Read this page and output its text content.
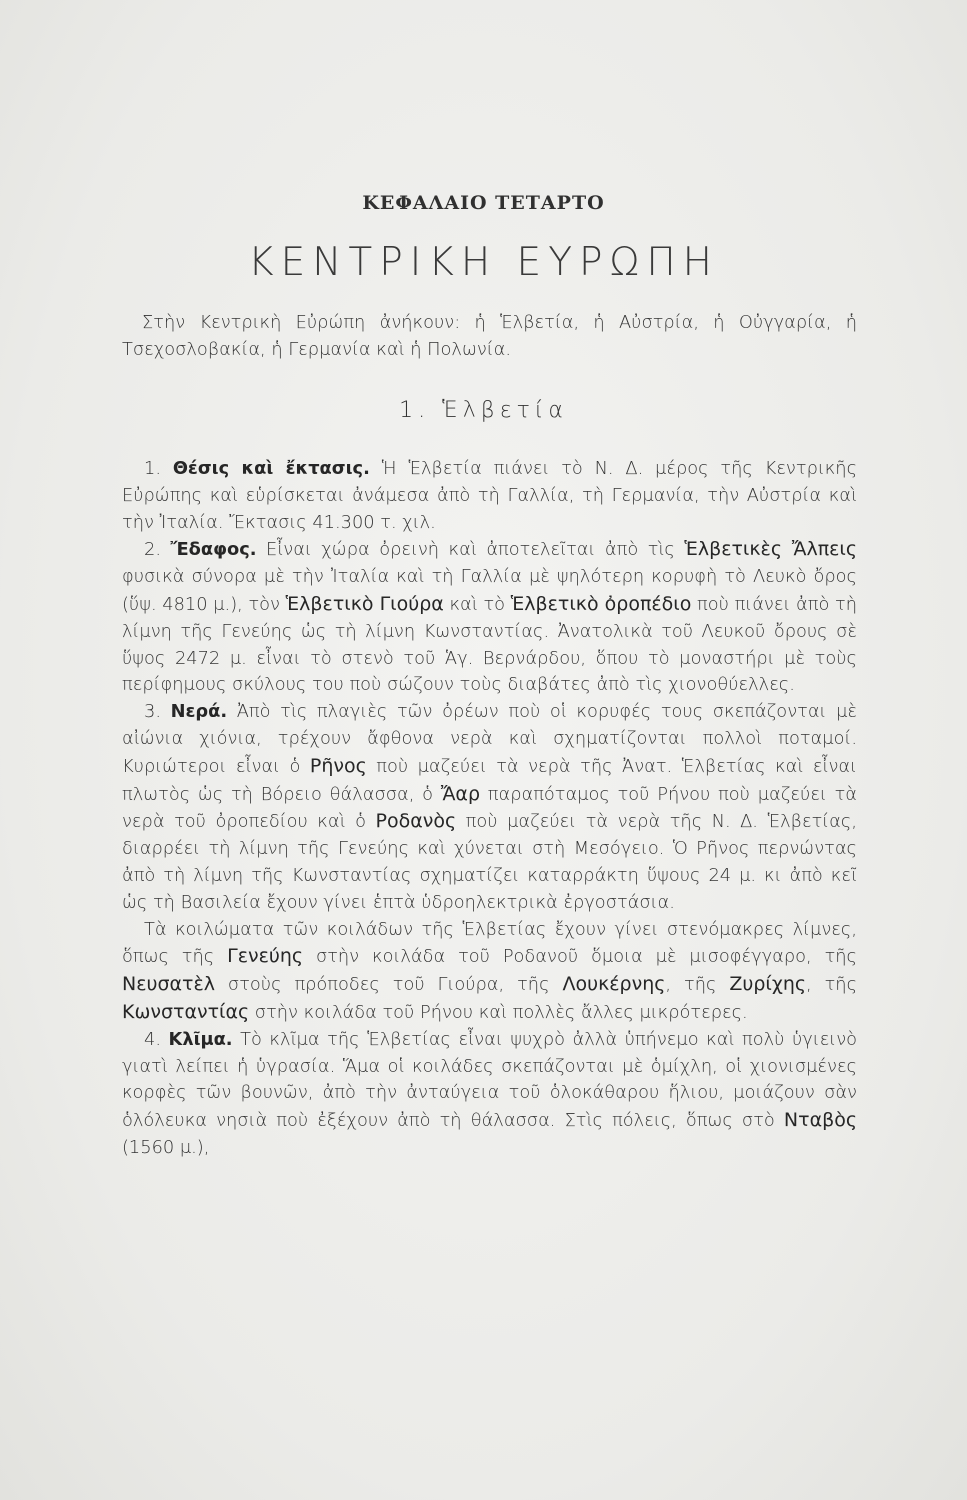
ΚΕΦΑΛΑΙΟ ΤΕΤΑΡΤΟ
ΚΕΝΤΡΙΚΗ ΕΥΡΩΠΗ
Στὴν Κεντρικὴ Εὐρώπη ἀνήκουν: ἡ Ἑλβετία, ἡ Αὐστρία, ἡ Οὐγγαρία, ἡ Τσεχοσλοβακία, ἡ Γερμανία καὶ ἡ Πολωνία.
1. Ἑλβετία

1. Θέσις καὶ ἔκτασις. Ἡ Ἑλβετία πιάνει τὸ Ν. Δ. μέρος τῆς Κεντρικῆς Εὐρώπης καὶ εὑρίσκεται ἀνάμεσα ἀπὸ τὴ Γαλλία, τὴ Γερμανία, τὴν Αὐστρία καὶ τὴν Ἰταλία. Ἔκτασις 41.300 τ. χιλ.

2. Ἔδαφος. Εἶναι χώρα ὀρεινὴ καὶ ἀποτελεῖται ἀπὸ τὶς Ἑλβετικὲς Ἄλπεις φυσικὰ σύνορα μὲ τὴν Ἰταλία καὶ τὴ Γαλλία μὲ ψηλότερη κορυφὴ τὸ Λευκὸ ὄρος (ὕψ. 4810 μ.), τὸν Ἑλβετικὸ Γιούρα καὶ τὸ Ἑλβετικὸ ὀροπέδιο ποὺ πιάνει ἀπὸ τὴ λίμνη τῆς Γενεύης ὡς τὴ λίμνη Κωνσταντίας. Ἀνατολικὰ τοῦ Λευκοῦ ὄρους σὲ ὕψος 2472 μ. εἶναι τὸ στενὸ τοῦ Ἁγ. Βερνάρδου, ὅπου τὸ μοναστήρι μὲ τοὺς περίφημους σκύλους του ποὺ σώζουν τοὺς διαβάτες ἀπὸ τὶς χιονοθύελλες.

3. Νερά. Ἀπὸ τὶς πλαγιὲς τῶν ὀρέων ποὺ οἱ κορυφές τους σκεπάζονται μὲ αἰώνια χιόνια, τρέχουν ἄφθονα νερὰ καὶ σχηματίζονται πολλοὶ ποταμοί. Κυριώτεροι εἶναι ὁ Ρῆνος ποὺ μαζεύει τὰ νερὰ τῆς Ἀνατ. Ἑλβετίας καὶ εἶναι πλωτὸς ὡς τὴ Βόρειο θάλασσα, ὁ Ἄαρ παραπόταμος τοῦ Ρήνου ποὺ μαζεύει τὰ νερὰ τοῦ ὀροπεδίου καὶ ὁ Ροδανὸς ποὺ μαζεύει τὰ νερὰ τῆς Ν. Δ. Ἑλβετίας, διαρρέει τὴ λίμνη τῆς Γενεύης καὶ χύνεται στὴ Μεσόγειο. Ὁ Ρῆνος περνώντας ἀπὸ τὴ λίμνη τῆς Κωνσταντίας σχηματίζει καταρράκτη ὕψους 24 μ. κι ἀπὸ κεῖ ὡς τὴ Βασιλεία ἔχουν γίνει ἑπτὰ ὑδροηλεκτρικὰ ἐργοστάσια.

Τὰ κοιλώματα τῶν κοιλάδων τῆς Ἑλβετίας ἔχουν γίνει στενόμακρες λίμνες, ὅπως τῆς Γενεύης στὴν κοιλάδα τοῦ Ροδανοῦ ὅμοια μὲ μισοφέγγαρο, τῆς Νευσατὲλ στοὺς πρόποδες τοῦ Γιούρα, τῆς Λουκέρνης, τῆς Ζυρίχης, τῆς Κωνσταντίας στὴν κοιλάδα τοῦ Ρήνου καὶ πολλὲς ἄλλες μικρότερες.

4. Κλῖμα. Τὸ κλῖμα τῆς Ἑλβετίας εἶναι ψυχρὸ ἀλλὰ ὑπήνεμο καὶ πολὺ ὑγιεινὸ γιατὶ λείπει ἡ ὑγρασία. Ἅμα οἱ κοιλάδες σκεπάζονται μὲ ὁμίχλη, οἱ χιονισμένες κορφὲς τῶν βουνῶν, ἀπὸ τὴν ἀνταύγεια τοῦ ὁλοκάθαρου ἥλιου, μοιάζουν σὰν ὁλόλευκα νησιὰ ποὺ ἐξέχουν ἀπὸ τὴ θάλασσα. Στὶς πόλεις, ὅπως στὸ Νταβὸς (1560 μ.),
